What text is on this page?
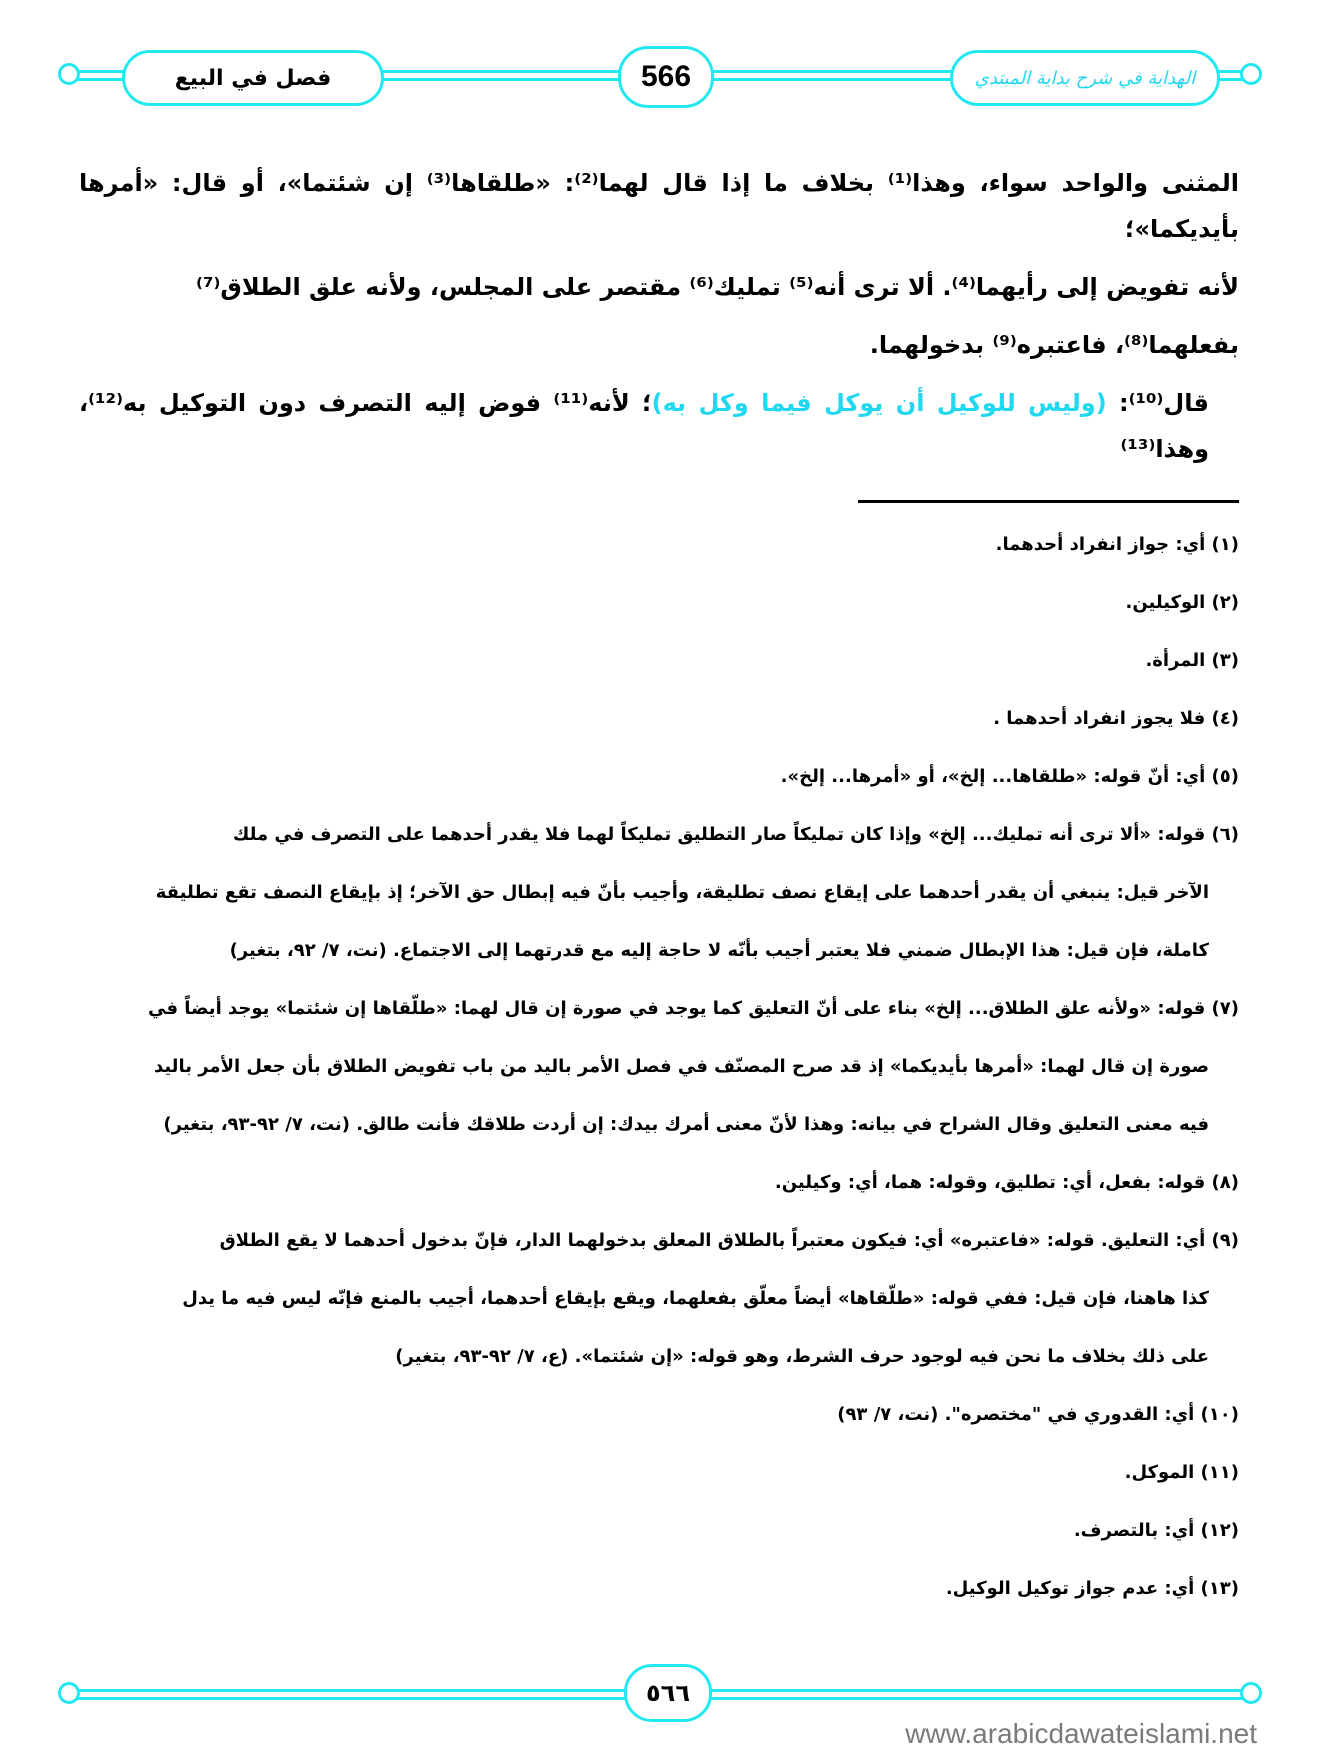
فصل في البيع	566	الهداية في شرح بداية المبتدي
المثنى والواحد سواء، وهذا⁽¹⁾ بخلاف ما إذا قال لهما⁽²⁾: «طلقاها⁽³⁾ إن شئتما»، أو قال: «أمرها بأيديكما»؛
لأنه تفويض إلى رأيهما⁽⁴⁾. ألا ترى أنه⁽⁵⁾ تمليك⁽⁶⁾ مقتصر على المجلس، ولأنه علق الطلاق⁽⁷⁾
بفعلهما⁽⁸⁾، فاعتبره⁽⁹⁾ بدخولهما.
قال⁽¹⁰⁾: (وليس للوكيل أن يوكل فيما وكل به)؛ لأنه⁽¹¹⁾ فوض إليه التصرف دون التوكيل به⁽¹²⁾، وهذا⁽¹³⁾
(١) أي: جواز انفراد أحدهما.
(٢) الوكيلين.
(٣) المرأة.
(٤) فلا يجوز انفراد أحدهما .
(٥) أي: أنّ قوله: «طلقاها... إلخ»، أو «أمرها... إلخ».
(٦) قوله: «ألا ترى أنه تمليك... إلخ» وإذا كان تمليكاً صار التطليق تمليكاً لهما فلا يقدر أحدهما على التصرف في ملك
الآخر قيل: ينبغي أن يقدر أحدهما على إيقاع نصف تطليقة، وأجيب بأنّ فيه إبطال حق الآخر؛ إذ بإيقاع النصف تقع تطليقة
كاملة، فإن قيل: هذا الإبطال ضمني فلا يعتبر أجيب بأنّه لا حاجة إليه مع قدرتهما إلى الاجتماع. (نت، ٧/ ٩٢، بتغير)
(٧) قوله: «ولأنه علق الطلاق... إلخ» بناء على أنّ التعليق كما يوجد في صورة إن قال لهما: «طلّقاها إن شئتما» يوجد أيضاً في
صورة إن قال لهما: «أمرها بأيديكما» إذ قد صرح المصنّف في فصل الأمر باليد من باب تفويض الطلاق بأن جعل الأمر باليد
فيه معنى التعليق وقال الشراح في بيانه: وهذا لأنّ معنى أمرك بيدك: إن أردت طلاقك فأنت طالق. (نت، ٧/ ٩٢-٩٣، بتغير)
(٨) قوله: بفعل، أي: تطليق، وقوله: هما، أي: وكيلين.
(٩) أي: التعليق. قوله: «فاعتبره» أي: فيكون معتبراً بالطلاق المعلق بدخولهما الدار، فإنّ بدخول أحدهما لا يقع الطلاق
كذا هاهنا، فإن قيل: ففي قوله: «طلّقاها» أيضاً معلّق بفعلهما، ويقع بإيقاع أحدهما، أجيب بالمنع فإنّه ليس فيه ما يدل
على ذلك بخلاف ما نحن فيه لوجود حرف الشرط، وهو قوله: «إن شئتما». (ع، ٧/ ٩٢-٩٣، بتغير)
(١٠) أي: القدوري في "مختصره". (نت، ٧/ ٩٣)
(١١) الموكل.
(١٢) أي: بالتصرف.
(١٣) أي: عدم جواز توكيل الوكيل.
٥٦٦
www.arabicdawateislami.net
